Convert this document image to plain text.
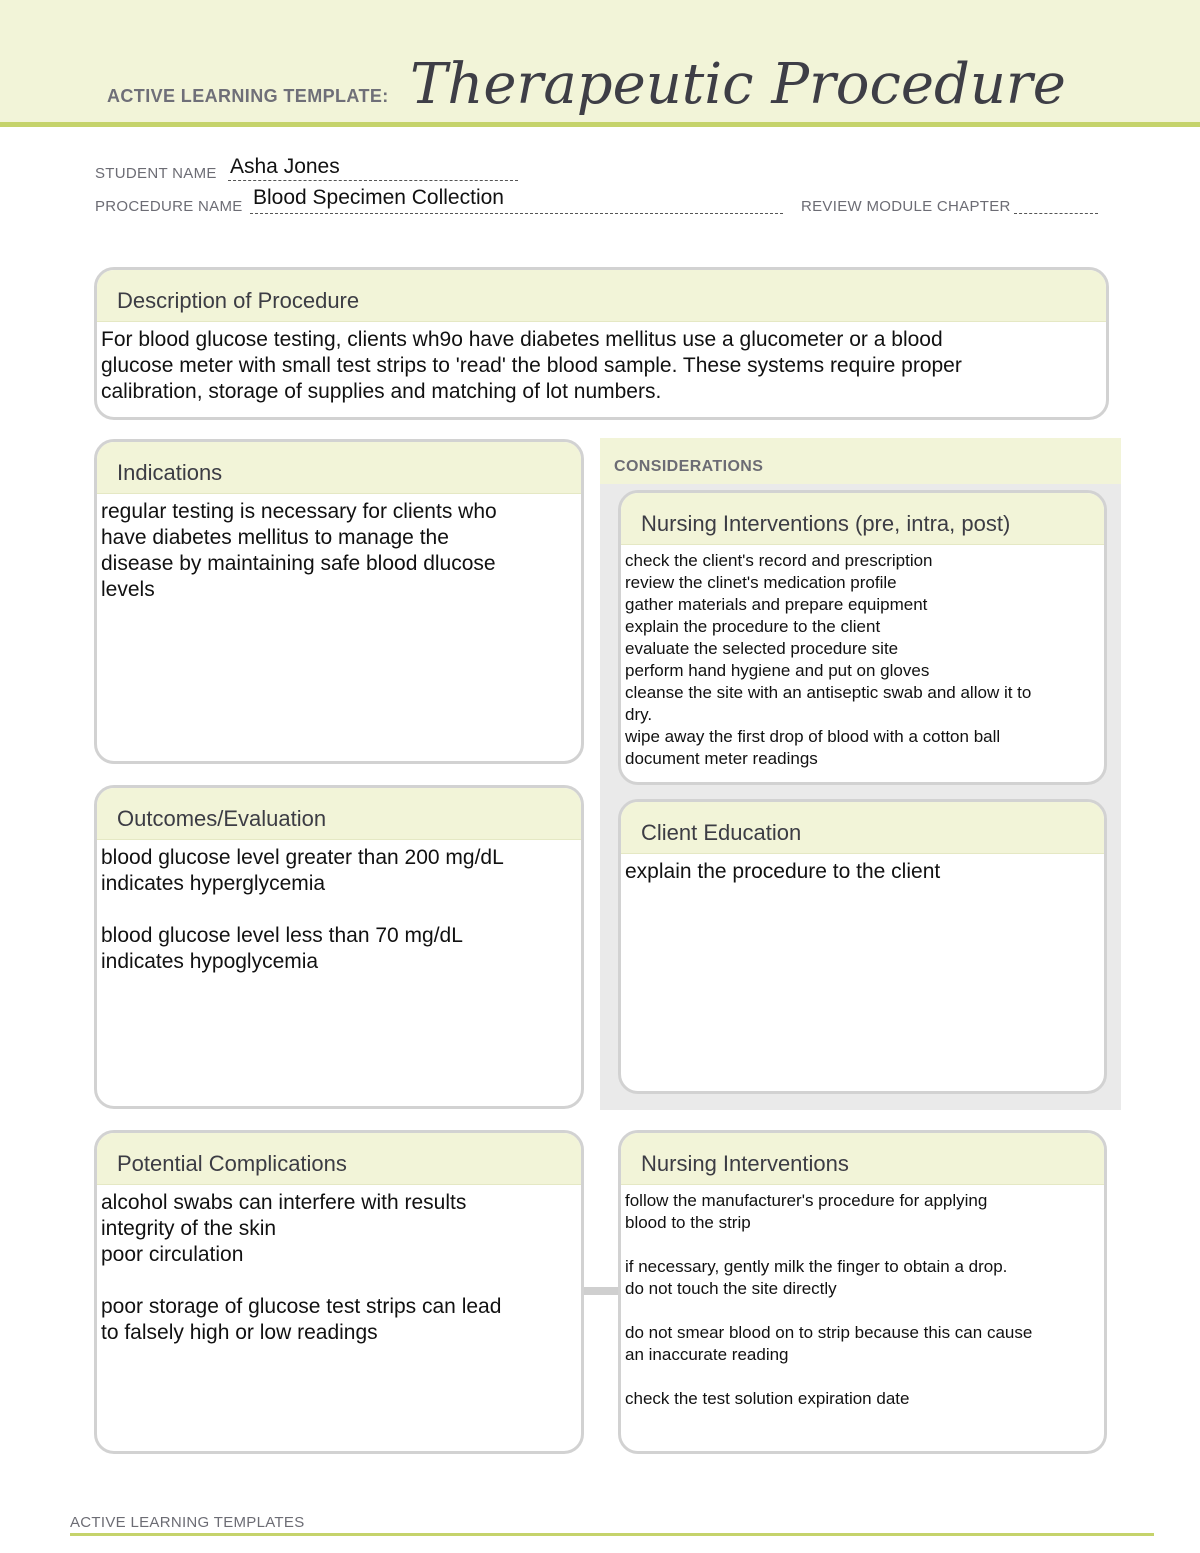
ACTIVE LEARNING TEMPLATE: Therapeutic Procedure
STUDENT NAME Asha Jones
PROCEDURE NAME Blood Specimen Collection	REVIEW MODULE CHAPTER
Description of Procedure
For blood glucose testing, clients wh9o have diabetes mellitus use a glucometer or a blood
glucose meter with small test strips to 'read' the blood sample. These systems require proper
calibration, storage of supplies and matching of lot numbers.
CONSIDERATIONS
Indications
regular testing is necessary for clients who
have diabetes mellitus to manage the
disease by maintaining safe blood dlucose
levels
Nursing Interventions (pre, intra, post)
check the client's record and prescription
review the clinet's medication profile
gather materials and prepare equipment
explain the procedure to the client
evaluate the selected procedure site
perform hand hygiene and put on gloves
cleanse the site with an antiseptic swab and allow it to
dry.
wipe away the first drop of blood with a cotton ball
document meter readings
Outcomes/Evaluation
blood glucose level greater than 200 mg/dL
indicates hyperglycemia
blood glucose level less than 70 mg/dL
indicates hypoglycemia
Client Education
explain the procedure to the client
Potential Complications
alcohol swabs can interfere with results
integrity of the skin
poor circulation
poor storage of glucose test strips can lead
to falsely high or low readings
Nursing Interventions
follow the manufacturer's procedure for applying
blood to the strip
if necessary, gently milk the finger to obtain a drop.
do not touch the site directly
do not smear blood on to strip because this can cause
an inaccurate reading
check the test solution expiration date
ACTIVE LEARNING TEMPLATES
